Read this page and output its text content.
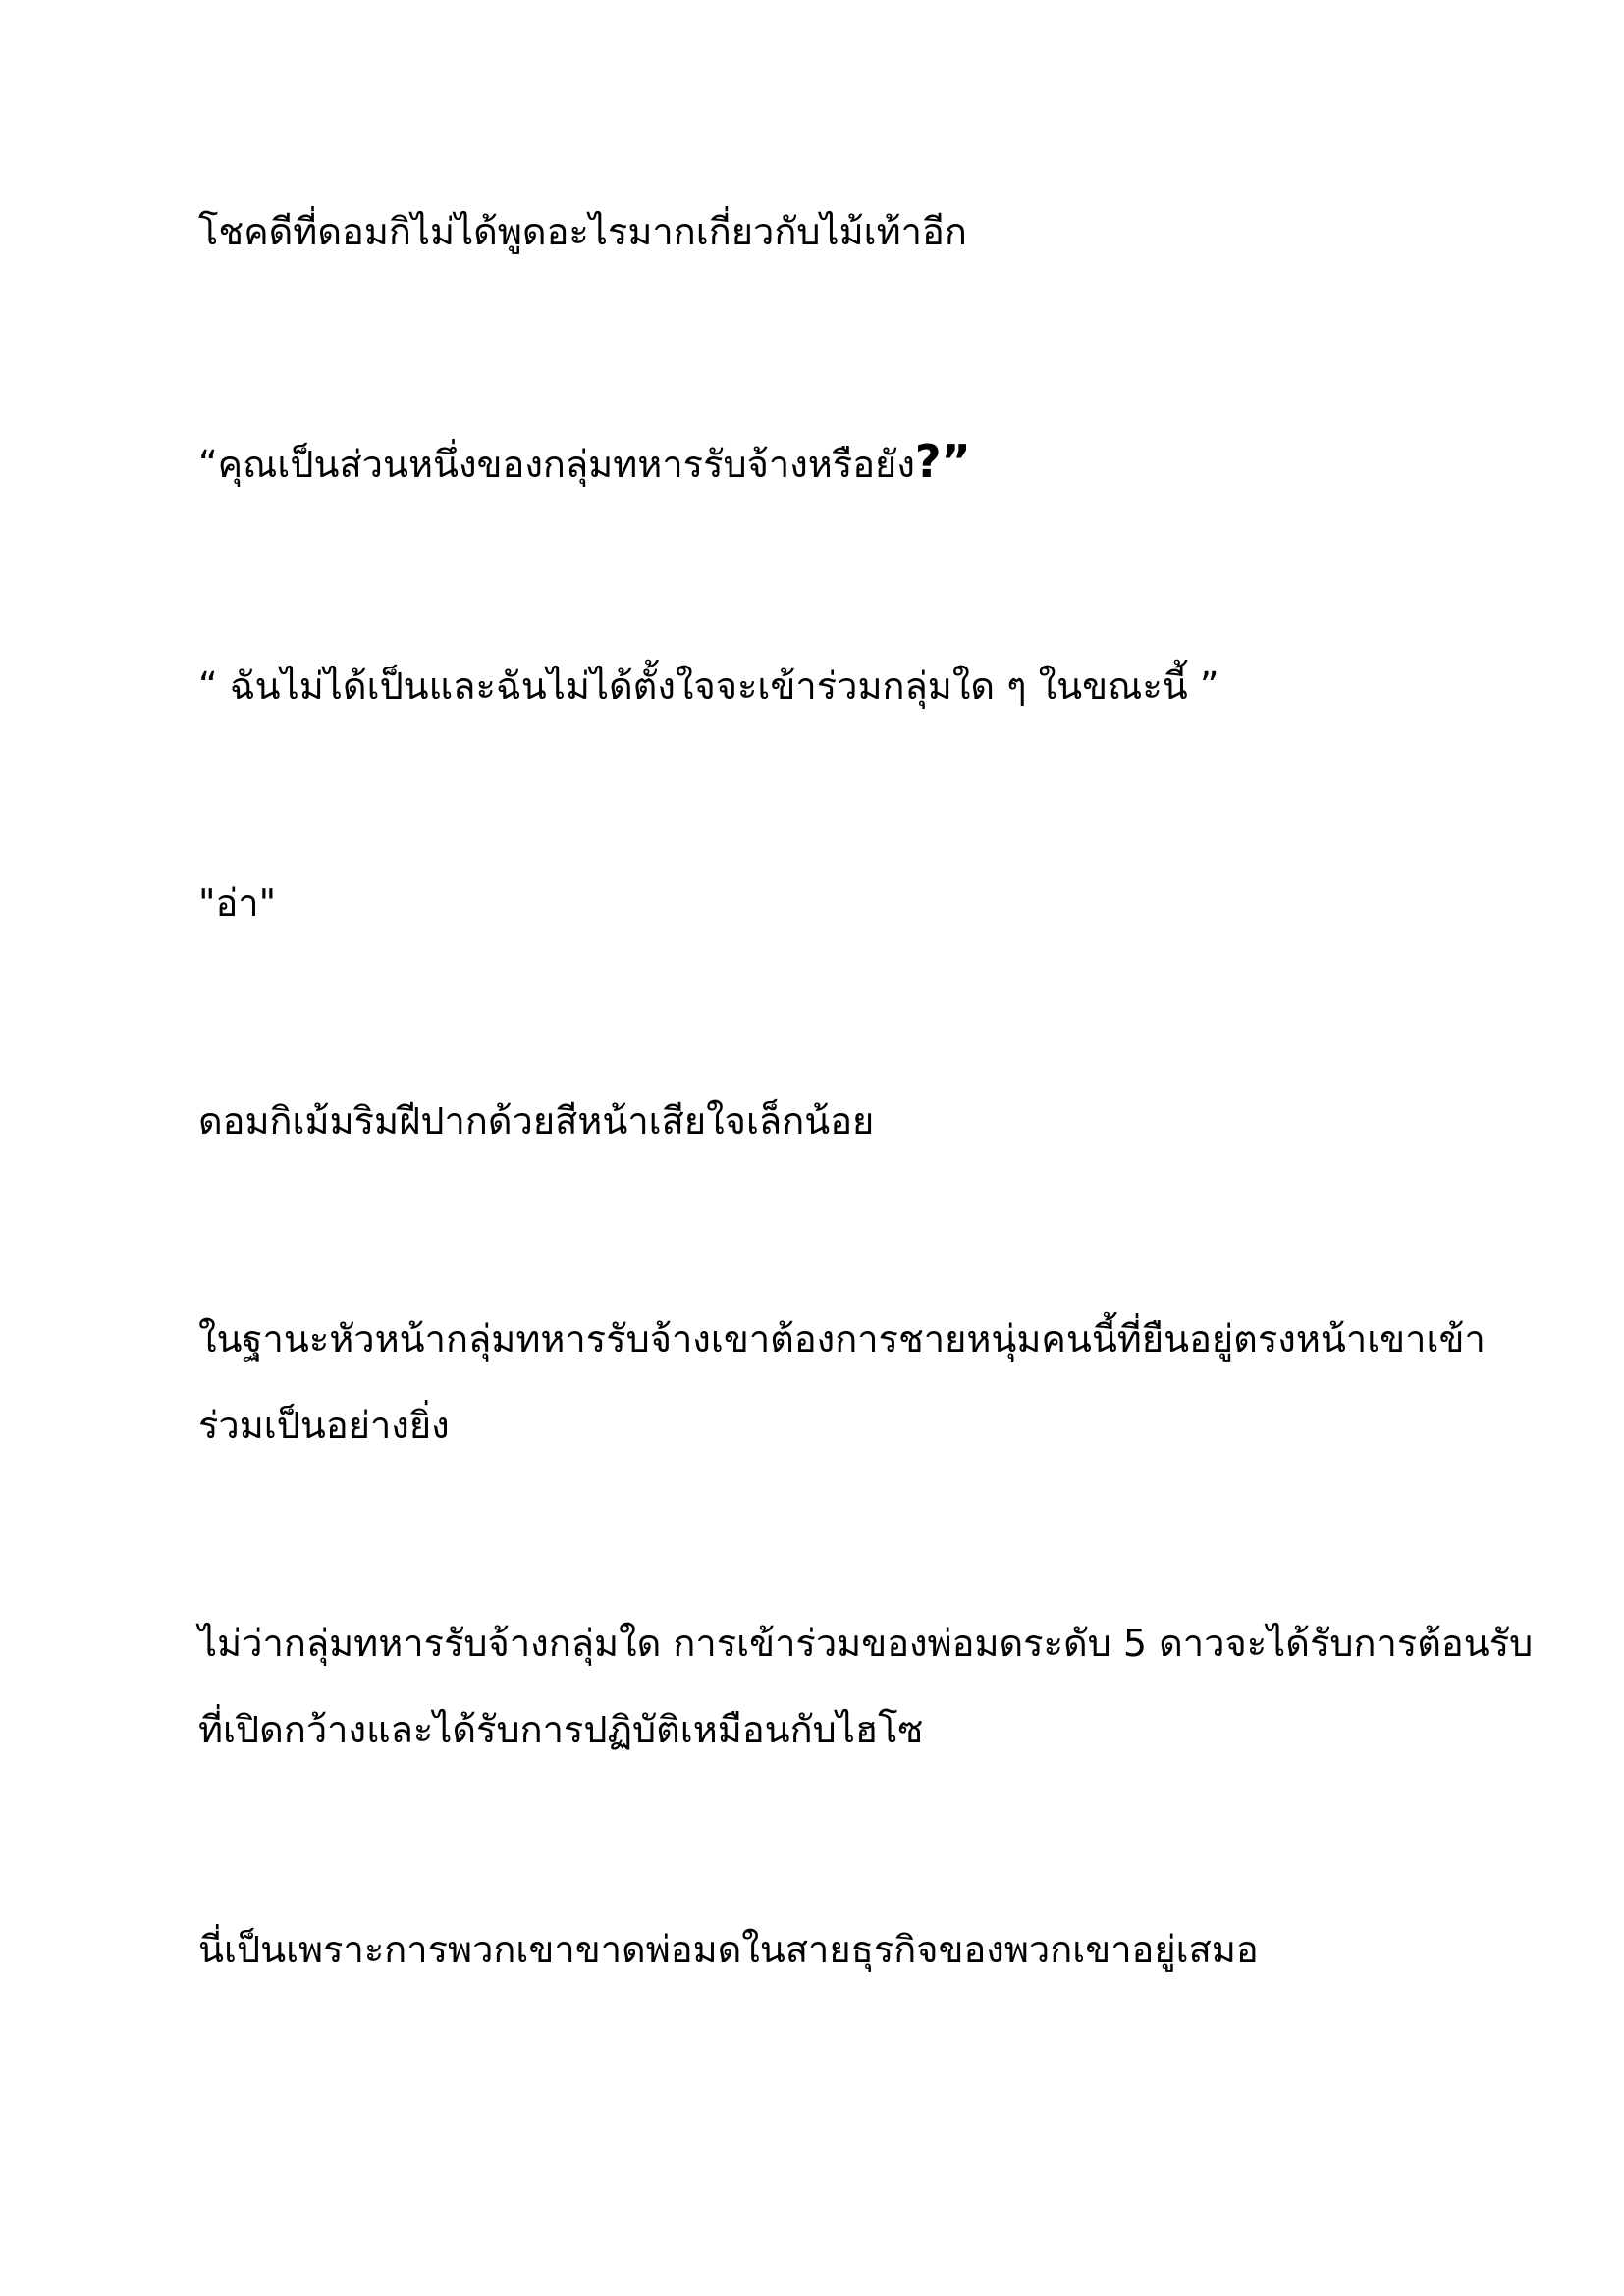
โชคดีที่ดอมกิไม่ได้พูดอะไรมากเกี่ยวกับไม้เท้าอีก

“คุณเป็นส่วนหนึ่งของกลุ่มทหารรับจ้างหรือยัง?”

“ ฉันไม่ได้เป็นและฉันไม่ได้ตั้งใจจะเข้าร่วมกลุ่มใด ๆ ในขณะนี้ ”

"อ่า"

ดอมกิเม้มริมฝีปากด้วยสีหน้าเสียใจเล็กน้อย

ในฐานะหัวหน้ากลุ่มทหารรับจ้างเขาต้องการชายหนุ่มคนนี้ที่ยืนอยู่ตรงหน้าเขาเข้า
ร่วมเป็นอย่างยิ่ง

ไม่ว่ากลุ่มทหารรับจ้างกลุ่มใด การเข้าร่วมของพ่อมดระดับ 5 ดาวจะได้รับการต้อนรับ
ที่เปิดกว้างและได้รับการปฏิบัติเหมือนกับไฮโซ

นี่เป็นเพราะการพวกเขาขาดพ่อมดในสายธุรกิจของพวกเขาอยู่เสมอ
